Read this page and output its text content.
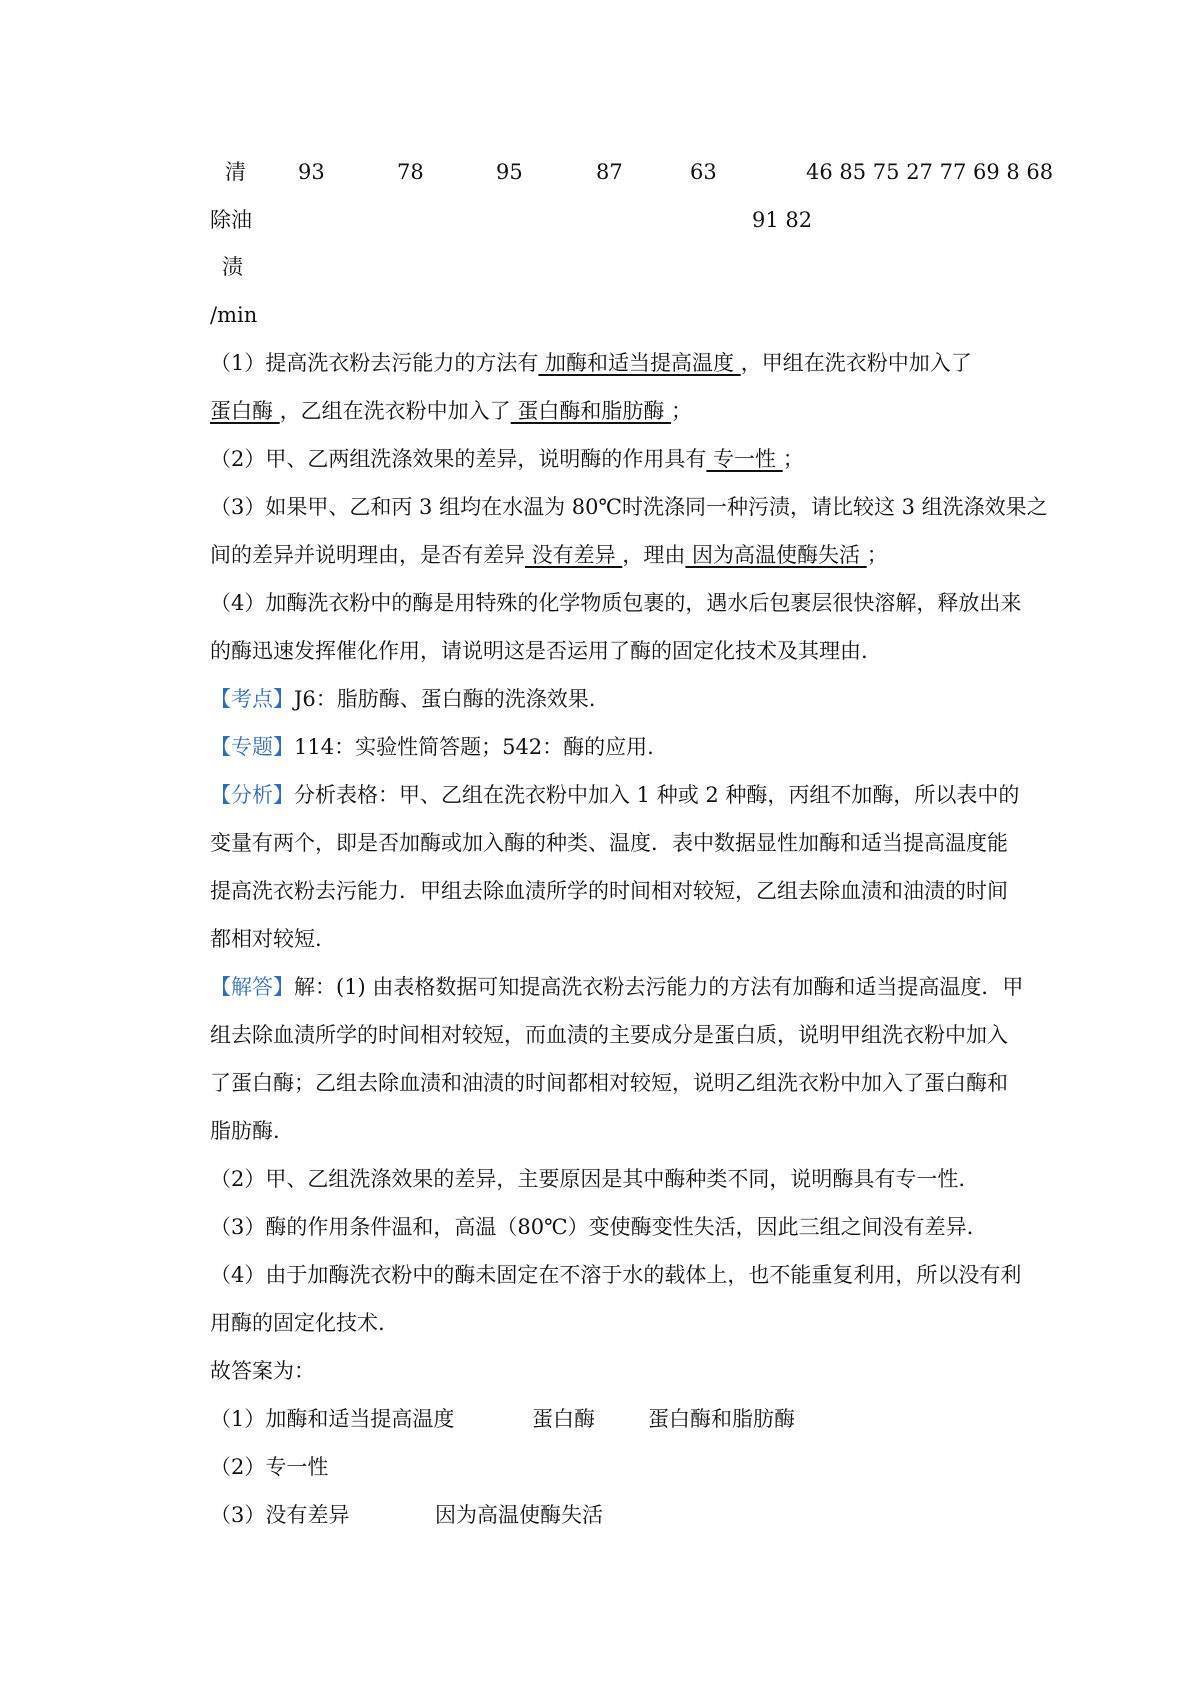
清 93	78	95	87	63	46 85 75 27 77 69 8 68
除油	91 82
渍
/min
（1）提高洗衣粉去污能力的方法有 加酶和适当提高温度 ，甲组在洗衣粉中加入了
蛋白酶 ，乙组在洗衣粉中加入了 蛋白酶和脂肪酶 ；
（2）甲、乙两组洗涤效果的差异，说明酶的作用具有 专一性 ；
（3）如果甲、乙和丙 3 组均在水温为 80℃时洗涤同一种污渍，请比较这 3 组洗涤效果之
间的差异并说明理由，是否有差异 没有差异 ，理由 因为高温使酶失活 ；
（4）加酶洗衣粉中的酶是用特殊的化学物质包裹的，遇水后包裹层很快溶解，释放出来
的酶迅速发挥催化作用，请说明这是否运用了酶的固定化技术及其理由.
【考点】J6：脂肪酶、蛋白酶的洗涤效果.
【专题】114：实验性简答题；542：酶的应用.
【分析】分析表格：甲、乙组在洗衣粉中加入 1 种或 2 种酶，丙组不加酶，所以表中的
变量有两个，即是否加酶或加入酶的种类、温度．表中数据显性加酶和适当提高温度能
提高洗衣粉去污能力．甲组去除血渍所学的时间相对较短，乙组去除血渍和油渍的时间
都相对较短.
【解答】解：(1) 由表格数据可知提高洗衣粉去污能力的方法有加酶和适当提高温度．甲
组去除血渍所学的时间相对较短，而血渍的主要成分是蛋白质，说明甲组洗衣粉中加入
了蛋白酶；乙组去除血渍和油渍的时间都相对较短，说明乙组洗衣粉中加入了蛋白酶和
脂肪酶.
（2）甲、乙组洗涤效果的差异，主要原因是其中酶种类不同，说明酶具有专一性.
（3）酶的作用条件温和，高温（80℃）变使酶变性失活，因此三组之间没有差异.
（4）由于加酶洗衣粉中的酶未固定在不溶于水的载体上，也不能重复利用，所以没有利
用酶的固定化技术.
故答案为：
（1）加酶和适当提高温度	蛋白酶	蛋白酶和脂肪酶
（2）专一性
（3）没有差异	因为高温使酶失活
